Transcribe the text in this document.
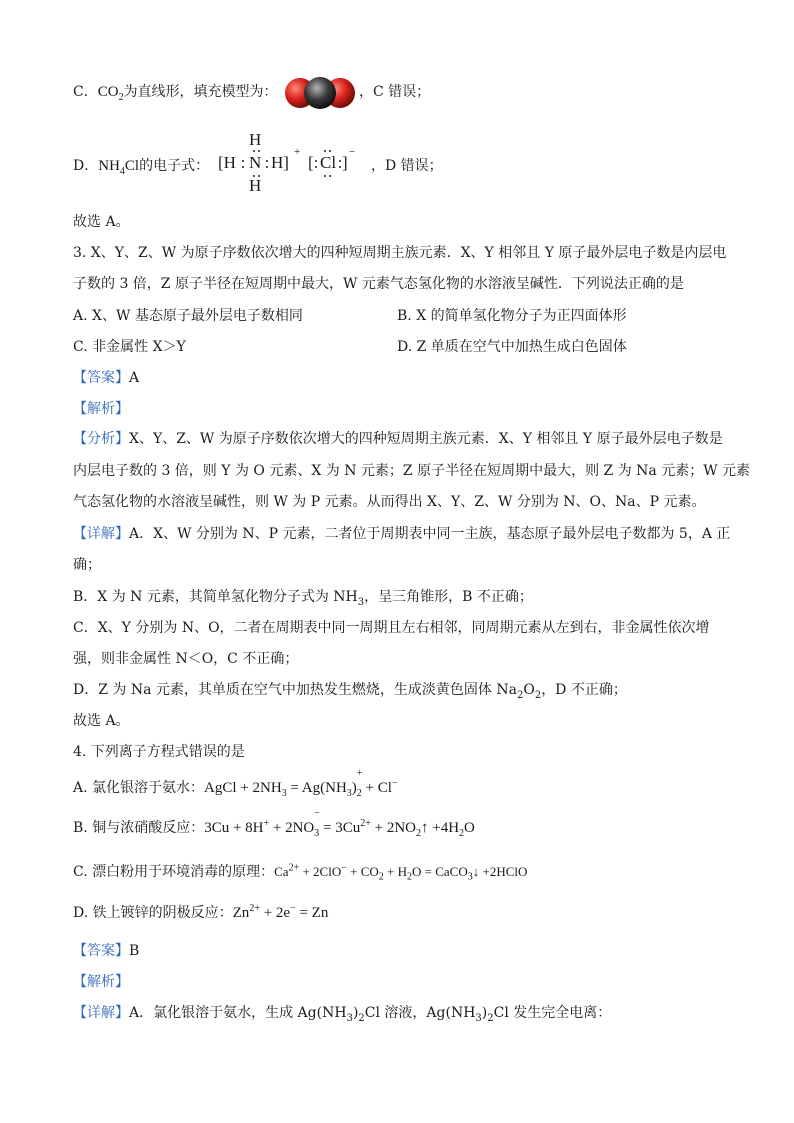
C．$CO_2$为直线形，填充模型为：	，C 错误；
D．$NH_4Cl$的电子式：
H
[H N H]
+
[ Cl ]
−
H
，D 错误；
故选 A。
3. X、Y、Z、W 为原子序数依次增大的四种短周期主族元素．X、Y 相邻且 Y 原子最外层电子数是内层电
子数的 3 倍，Z 原子半径在短周期中最大，W 元素气态氢化物的水溶液呈碱性．下列说法正确的是
A. X、W 基态原子最外层电子数相同	B. X 的简单氢化物分子为正四面体形
C. 非金属性 X＞Y	D. Z 单质在空气中加热生成白色固体
【答案】A
【解析】
【分析】X、Y、Z、W 为原子序数依次增大的四种短周期主族元素．X、Y 相邻且 Y 原子最外层电子数是
内层电子数的 3 倍，则 Y 为 O 元素、X 为 N 元素；Z 原子半径在短周期中最大，则 Z 为 Na 元素；W 元素
气态氢化物的水溶液呈碱性，则 W 为 P 元素。从而得出 X、Y、Z、W 分别为 N、O、Na、P 元素。
【详解】A．X、W 分别为 N、P 元素，二者位于周期表中同一主族，基态原子最外层电子数都为 5，A 正
确；
B．X 为 N 元素，其简单氢化物分子式为 $NH_3$，呈三角锥形，B 不正确；
C．X、Y 分别为 N、O，二者在周期表中同一周期且左右相邻，同周期元素从左到右，非金属性依次增
强，则非金属性 N＜O，C 不正确；
D．Z 为 Na 元素，其单质在空气中加热发生燃烧，生成淡黄色固体 $Na_2O_2$，D 不正确；
故选 A。
4. 下列离子方程式错误的是
A. 氯化银溶于氨水：AgCl + $2NH_3 = Ag(NH_3)$
+
$_2$ + Cl−
B. 铜与浓硝酸反应：3Cu + 8H+ + 2NO
−
$_3 = 3Cu^{2+}$ + $2NO_2↑ +4H_2O$
C. 漂白粉用于环境消毒的原理：$Ca^{2+} + 2ClO^- + CO_2 + H_2O$ = CaCO$_3$↓ +2HClO
D. 铁上镀锌的阴极反应：$Zn^{2+} + 2e^- = Zn$
【答案】B
【解析】
【详解】A．氯化银溶于氨水，生成 $Ag(NH_3)_2Cl$ 溶液，$Ag(NH_3)_2Cl$ 发生完全电离：
